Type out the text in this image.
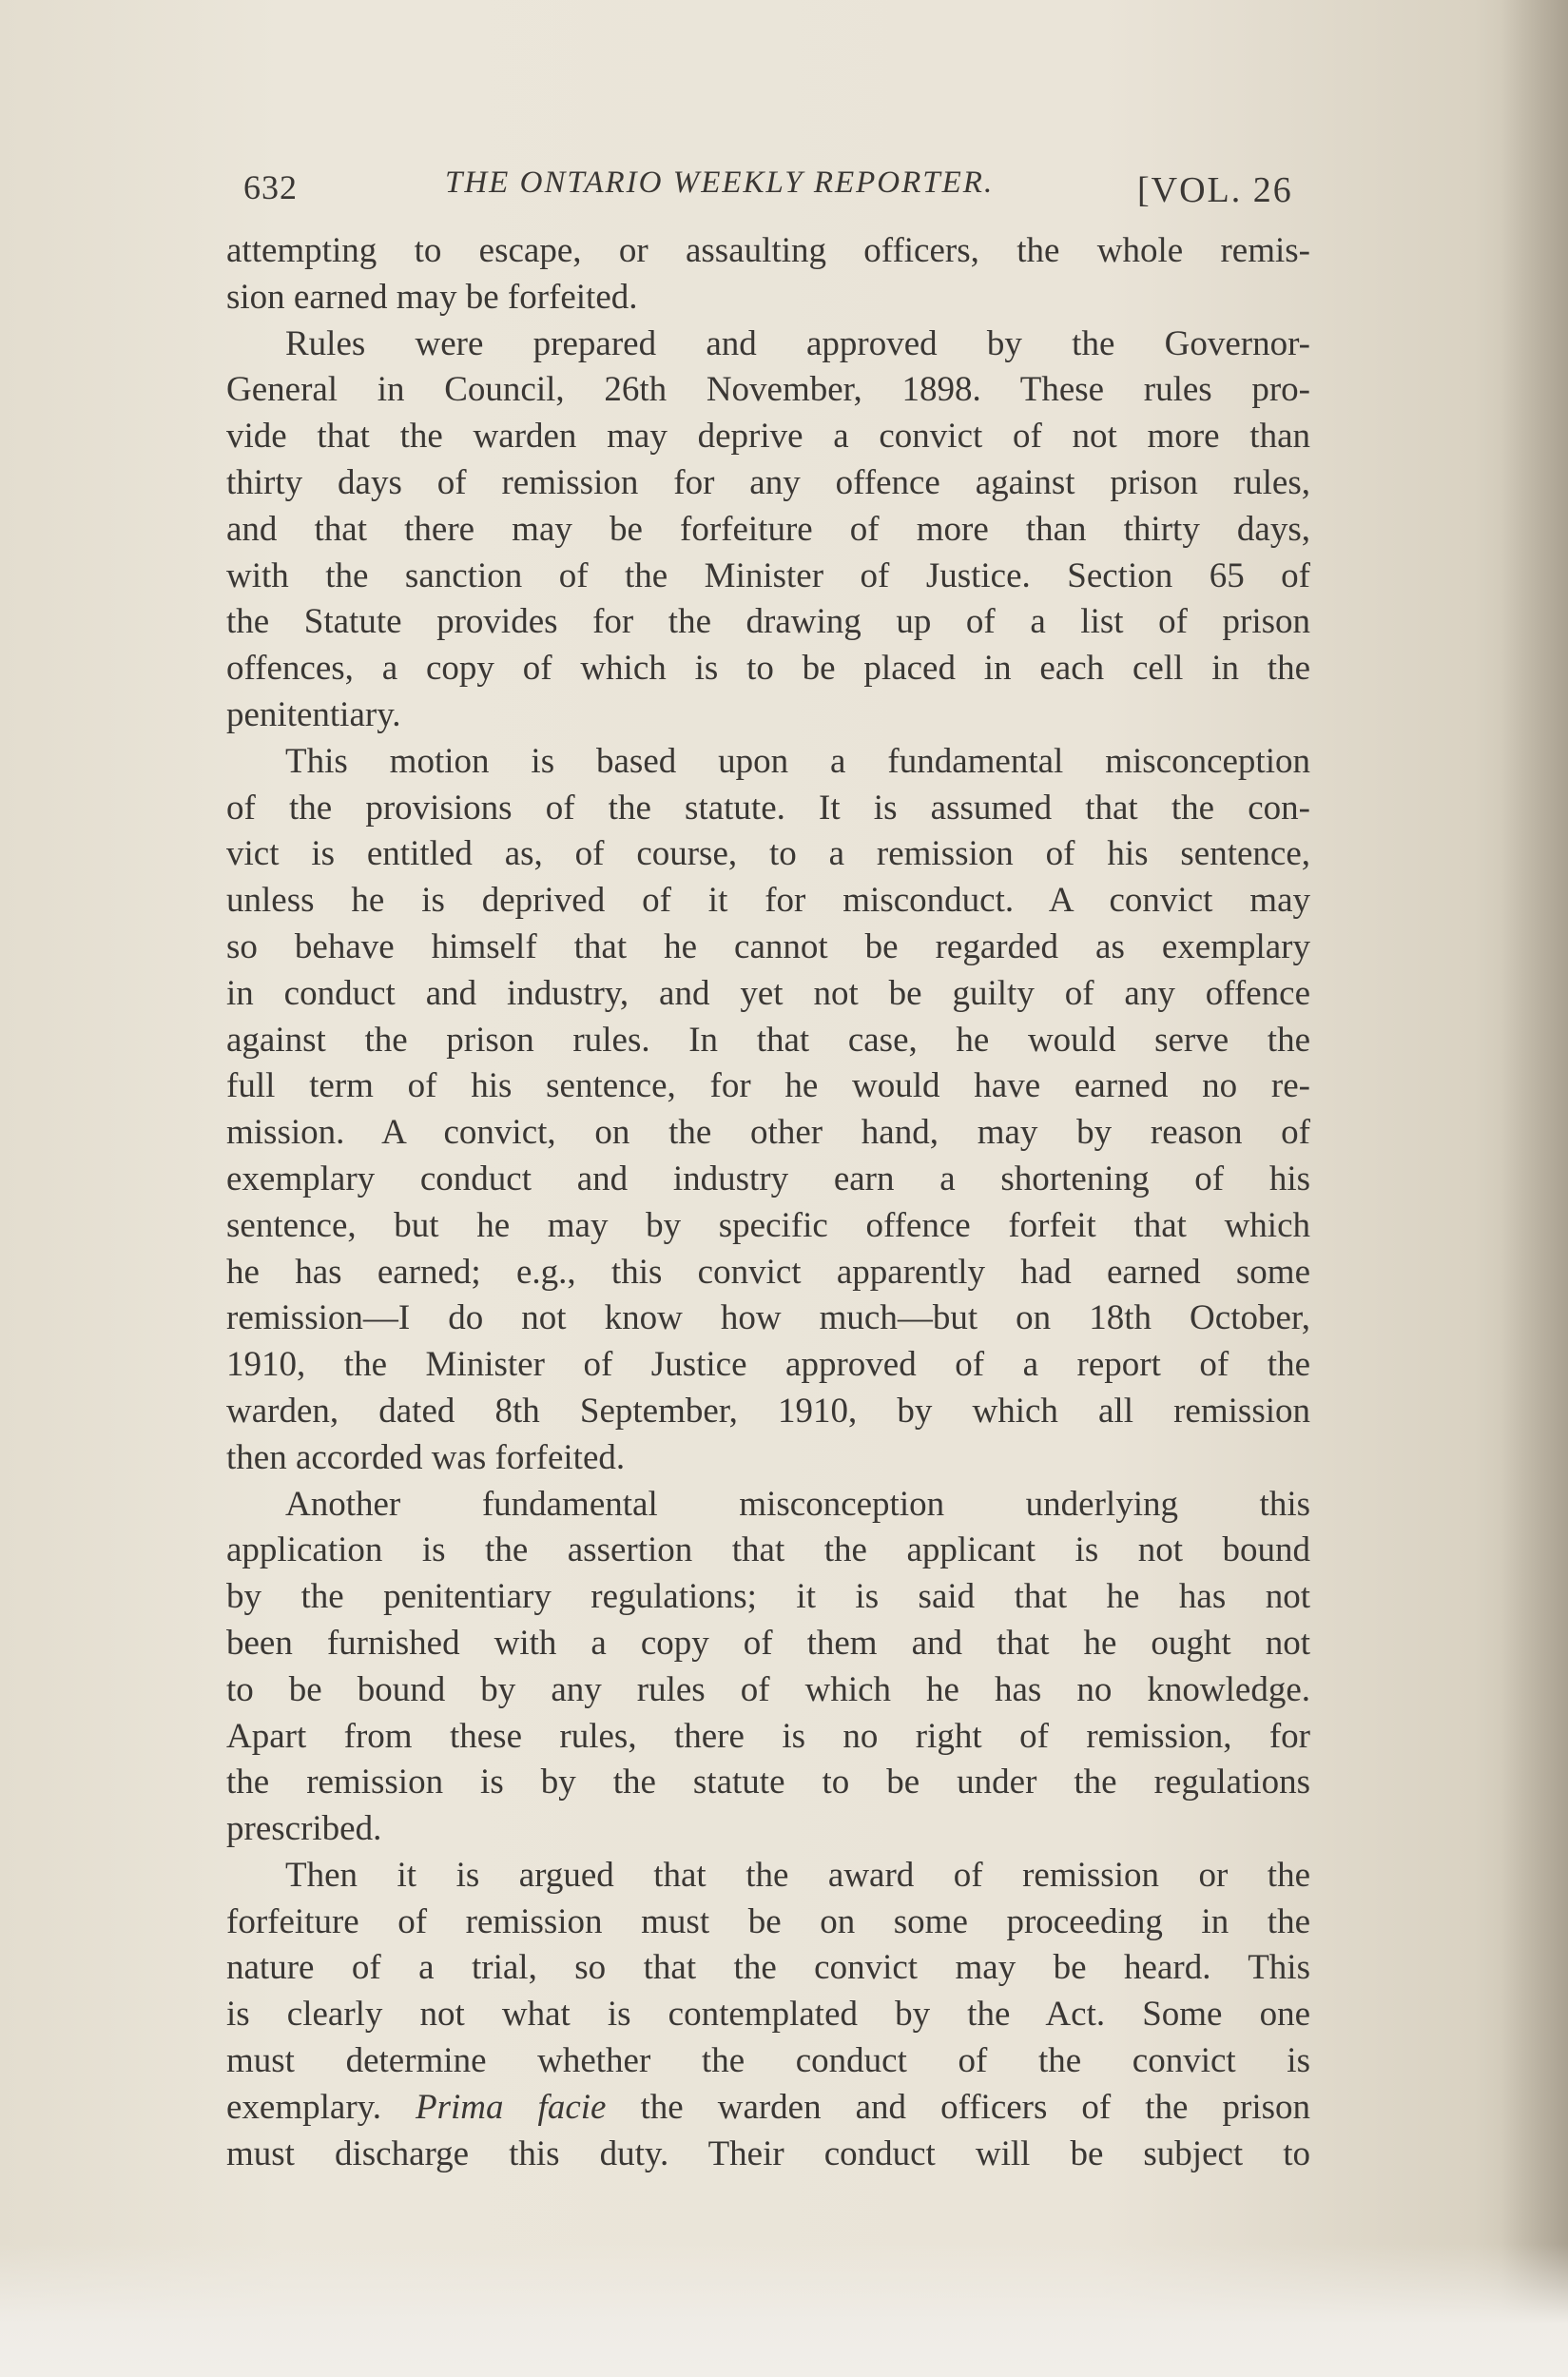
632	THE ONTARIO WEEKLY REPORTER.	[VOL. 26

attempting to escape, or assaulting officers, the whole remis-
sion earned may be forfeited.

Rules were prepared and approved by the Governor-
General in Council, 26th November, 1898. These rules pro-
vide that the warden may deprive a convict of not more than
thirty days of remission for any offence against prison rules,
and that there may be forfeiture of more than thirty days,
with the sanction of the Minister of Justice. Section 65 of
the Statute provides for the drawing up of a list of prison
offences, a copy of which is to be placed in each cell in the
penitentiary.

This motion is based upon a fundamental misconception
of the provisions of the statute. It is assumed that the con-
vict is entitled as, of course, to a remission of his sentence,
unless he is deprived of it for misconduct. A convict may
so behave himself that he cannot be regarded as exemplary
in conduct and industry, and yet not be guilty of any offence
against the prison rules. In that case, he would serve the
full term of his sentence, for he would have earned no re-
mission. A convict, on the other hand, may by reason of
exemplary conduct and industry earn a shortening of his
sentence, but he may by specific offence forfeit that which
he has earned; e.g., this convict apparently had earned some
remission—I do not know how much—but on 18th October,
1910, the Minister of Justice approved of a report of the
warden, dated 8th September, 1910, by which all remission
then accorded was forfeited.

Another fundamental misconception underlying this
application is the assertion that the applicant is not bound
by the penitentiary regulations; it is said that he has not
been furnished with a copy of them and that he ought not
to be bound by any rules of which he has no knowledge.
Apart from these rules, there is no right of remission, for
the remission is by the statute to be under the regulations
prescribed.

Then it is argued that the award of remission or the
forfeiture of remission must be on some proceeding in the
nature of a trial, so that the convict may be heard. This
is clearly not what is contemplated by the Act. Some one
must determine whether the conduct of the convict is
exemplary. Prima facie the warden and officers of the prison
must discharge this duty. Their conduct will be subject to
